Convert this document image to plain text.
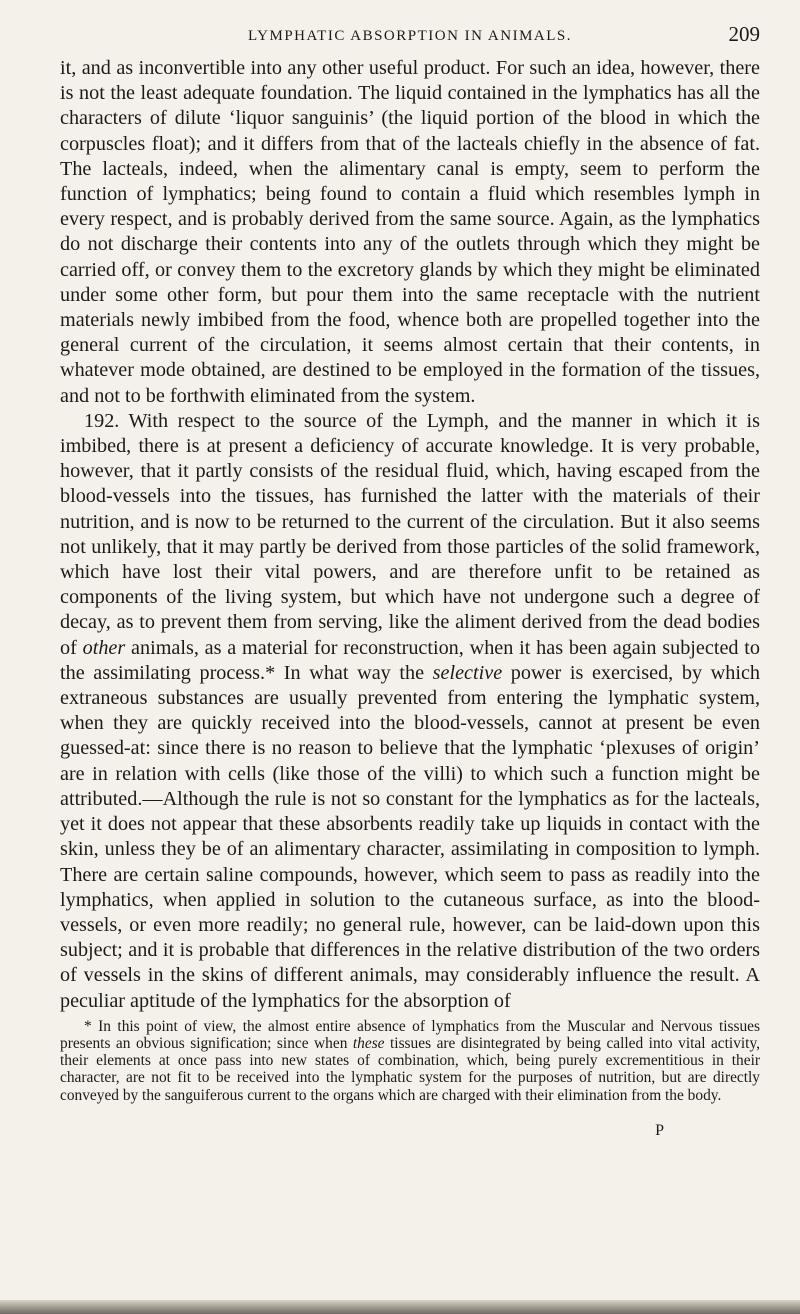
LYMPHATIC ABSORPTION IN ANIMALS.	209

it, and as inconvertible into any other useful product. For such an idea, however, there is not the least adequate foundation. The liquid contained in the lymphatics has all the characters of dilute ‘liquor sanguinis’ (the liquid portion of the blood in which the corpuscles float); and it differs from that of the lacteals chiefly in the absence of fat. The lacteals, indeed, when the alimentary canal is empty, seem to perform the function of lymphatics; being found to contain a fluid which resembles lymph in every respect, and is probably derived from the same source. Again, as the lymphatics do not discharge their contents into any of the outlets through which they might be carried off, or convey them to the excretory glands by which they might be eliminated under some other form, but pour them into the same receptacle with the nutrient materials newly imbibed from the food, whence both are propelled together into the general current of the circulation, it seems almost certain that their contents, in whatever mode obtained, are destined to be employed in the formation of the tissues, and not to be forthwith eliminated from the system.

192. With respect to the source of the Lymph, and the manner in which it is imbibed, there is at present a deficiency of accurate knowledge. It is very probable, however, that it partly consists of the residual fluid, which, having escaped from the blood-vessels into the tissues, has furnished the latter with the materials of their nutrition, and is now to be returned to the current of the circulation. But it also seems not unlikely, that it may partly be derived from those particles of the solid framework, which have lost their vital powers, and are therefore unfit to be retained as components of the living system, but which have not undergone such a degree of decay, as to prevent them from serving, like the aliment derived from the dead bodies of other animals, as a material for reconstruction, when it has been again subjected to the assimilating process.* In what way the selective power is exercised, by which extraneous substances are usually prevented from entering the lymphatic system, when they are quickly received into the blood-vessels, cannot at present be even guessed-at: since there is no reason to believe that the lymphatic ‘plexuses of origin’ are in relation with cells (like those of the villi) to which such a function might be attributed.—Although the rule is not so constant for the lymphatics as for the lacteals, yet it does not appear that these absorbents readily take up liquids in contact with the skin, unless they be of an alimentary character, assimilating in composition to lymph. There are certain saline compounds, however, which seem to pass as readily into the lymphatics, when applied in solution to the cutaneous surface, as into the blood-vessels, or even more readily; no general rule, however, can be laid-down upon this subject; and it is probable that differences in the relative distribution of the two orders of vessels in the skins of different animals, may considerably influence the result. A peculiar aptitude of the lymphatics for the absorption of

* In this point of view, the almost entire absence of lymphatics from the Muscular and Nervous tissues presents an obvious signification; since when these tissues are disintegrated by being called into vital activity, their elements at once pass into new states of combination, which, being purely excrementitious in their character, are not fit to be received into the lymphatic system for the purposes of nutrition, but are directly conveyed by the sanguiferous current to the organs which are charged with their elimination from the body.
P
